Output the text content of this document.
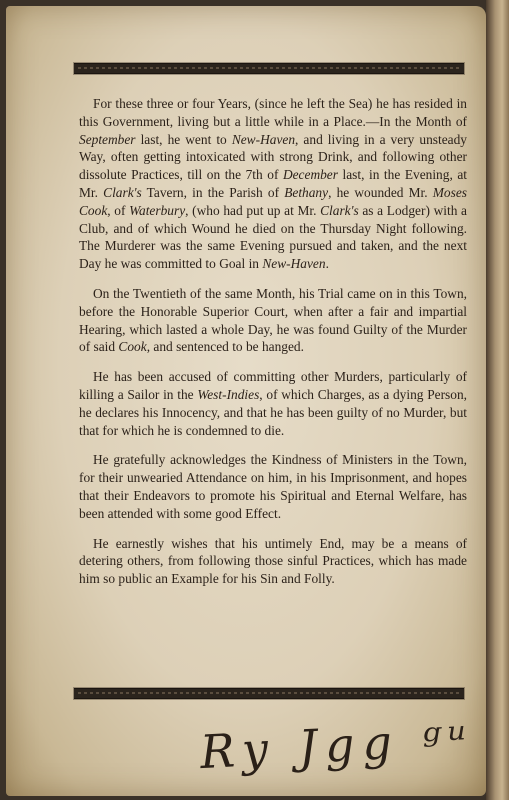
For these three or four Years, (since he left the Sea) he has resided in this Government, living but a little while in a Place.—In the Month of September last, he went to New-Haven, and living in a very unsteady Way, often getting intoxicated with strong Drink, and following other dissolute Practices, till on the 7th of December last, in the Evening, at Mr. Clark's Tavern, in the Parish of Bethany, he wounded Mr. Moses Cook, of Waterbury, (who had put up at Mr. Clark's as a Lodger) with a Club, and of which Wound he died on the Thursday Night following. The Murderer was the same Evening pursued and taken, and the next Day he was committed to Goal in New-Haven.

On the Twentieth of the same Month, his Trial came on in this Town, before the Honorable Superior Court, when after a fair and impartial Hearing, which lasted a whole Day, he was found Guilty of the Murder of said Cook, and sentenced to be hanged.

He has been accused of committing other Murders, particularly of killing a Sailor in the West-Indies, of which Charges, as a dying Person, he declares his Innocency, and that he has been guilty of no Murder, but that for which he is condemned to die.

He gratefully acknowledges the Kindness of Ministers in the Town, for their unwearied Attendance on him, in his Imprisonment, and hopes that their Endeavors to promote his Spiritual and Eternal Welfare, has been attended with some good Effect.

He earnestly wishes that his untimely End, may be a means of detering others, from following those sinful Practices, which has made him so public an Example for his Sin and Folly.

Ry Jgg ᵍᵘ
